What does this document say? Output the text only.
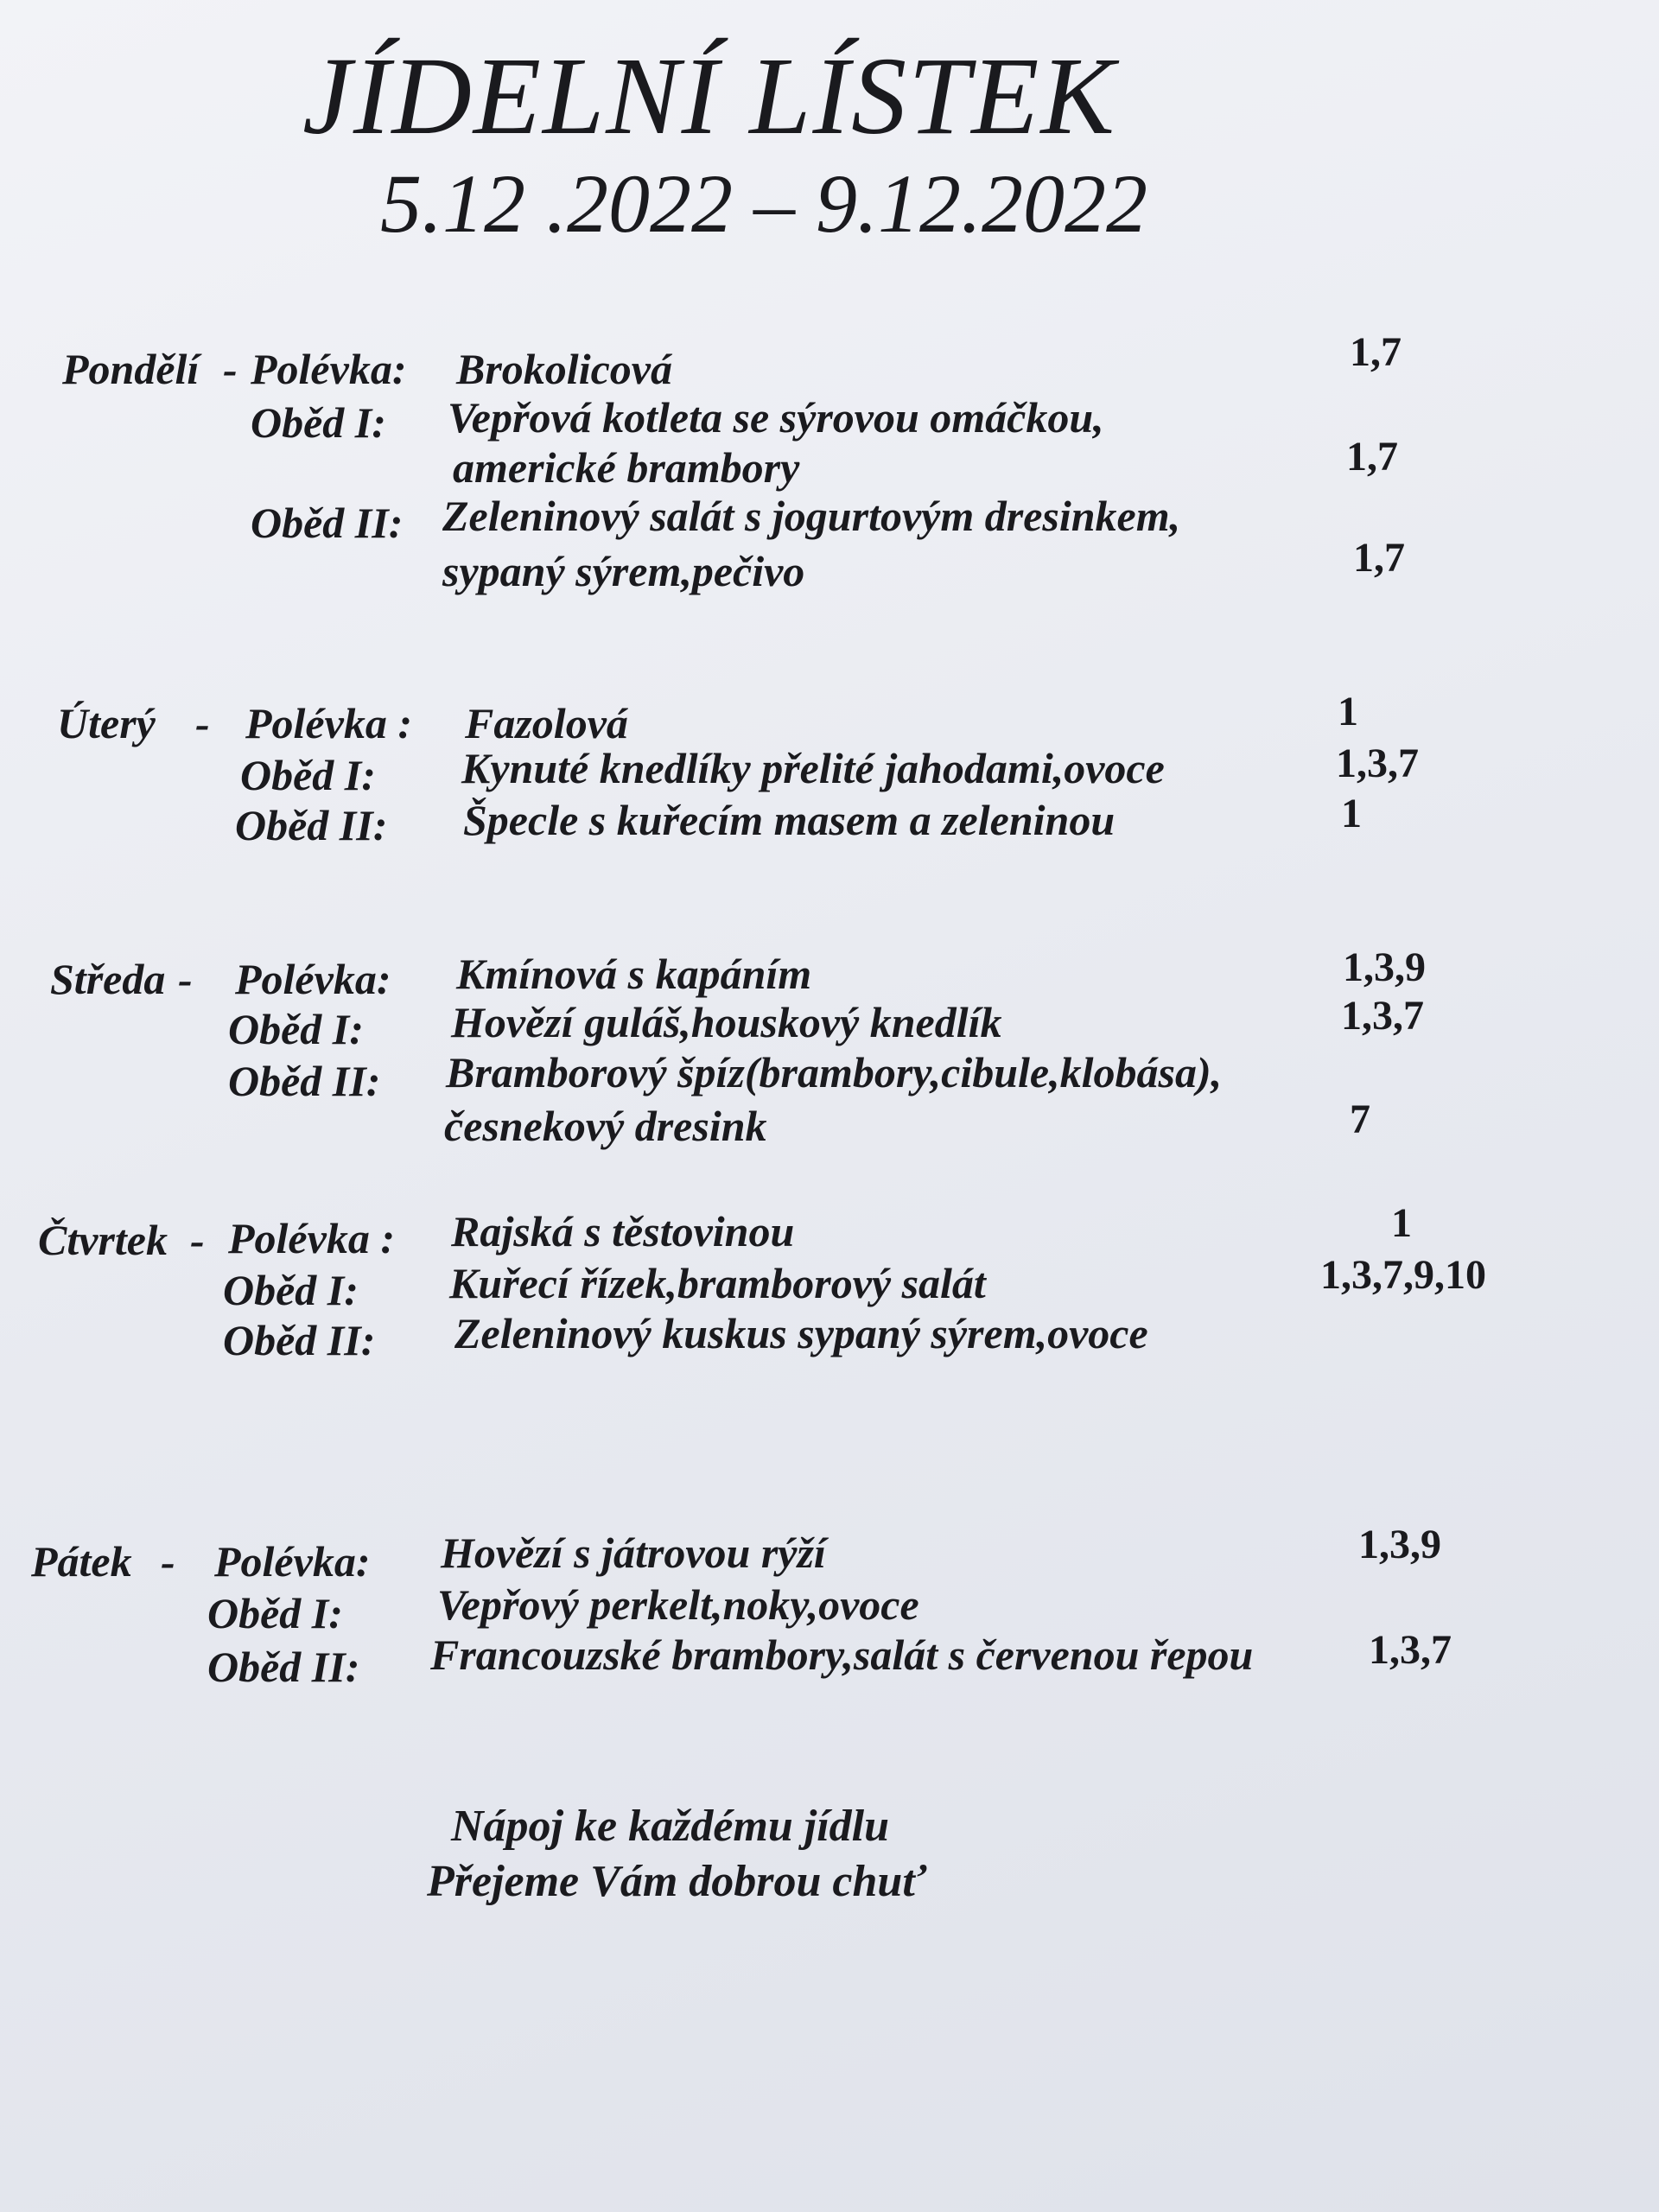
JÍDELNÍ LÍSTEK
5.12 .2022 – 9.12.2022
Pondělí - Polévka: Brokolicová	1,7
Oběd I: Vepřová kotleta se sýrovou omáčkou,
americké brambory	1,7
Oběd II: Zeleninový salát s jogurtovým dresinkem,
sypaný sýrem,pečivo	1,7
Úterý - Polévka : Fazolová	1
Oběd I: Kynuté knedlíky přelité jahodami,ovoce	1,3,7
Oběd II: Špecle s kuřecím masem a zeleninou	1
Středa - Polévka: Kmínová s kapáním	1,3,9
Oběd I: Hovězí guláš,houskový knedlík	1,3,7
Oběd II: Bramborový špíz(brambory,cibule,klobása),
česnekový dresink	7
Čtvrtek - Polévka : Rajská s těstovinou	1
Oběd I: Kuřecí řízek,bramborový salát	1,3,7,9,10
Oběd II: Zeleninový kuskus sypaný sýrem,ovoce
Pátek - Polévka: Hovězí s játrovou rýží	1,3,9
Oběd I: Vepřový perkelt,noky,ovoce
Oběd II: Francouzské brambory,salát s červenou řepou	1,3,7
Nápoj ke každému jídlu
Přejeme Vám dobrou chuť
